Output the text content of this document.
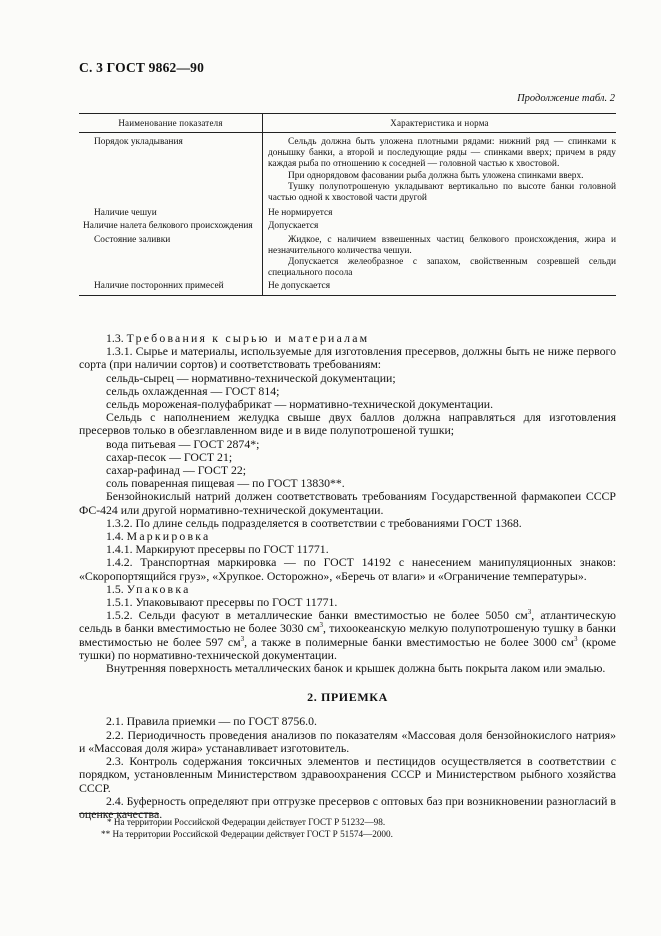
С. 3 ГОСТ 9862—90
Продолжение табл. 2
Наименование показателя	Характеристика и норма
Порядок укладывания	Сельдь должна быть уложена плотными рядами: нижний ряд — спинками к донышку банки, а второй и последующие ряды — спинками вверх; причем в ряду каждая рыба по отношению к соседней — головной частью к хвостовой.

При однорядовом фасовании рыба должна быть уложена спинками вверх.

Тушку полупотрошеную укладывают вертикально по высоте банки головной частью одной к хвостовой части другой

Наличие чешуи	Не нормируется
Наличие налета белкового происхождения	Допускается
Состояние заливки	Жидкое, с наличием взвешенных частиц белкового происхождения, жира и незначительного количества чешуи.

Допускается желеобразное с запахом, свойственным созревшей сельди специального посола

Наличие посторонних примесей	Не допускается

1.3. Требования к сырью и материалам

1.3.1. Сырье и материалы, используемые для изготовления пресервов, должны быть не ниже первого сорта (при наличии сортов) и соответствовать требованиям:

сельдь-сырец — нормативно-технической документации;

сельдь охлажденная — ГОСТ 814;

сельдь мороженая-полуфабрикат — нормативно-технической документации.

Сельдь с наполнением желудка свыше двух баллов должна направляться для изготовления пресервов только в обезглавленном виде и в виде полупотрошеной тушки;

вода питьевая — ГОСТ 2874*;

сахар-песок — ГОСТ 21;

сахар-рафинад — ГОСТ 22;

соль поваренная пищевая — по ГОСТ 13830**.

Бензойнокислый натрий должен соответствовать требованиям Государственной фармакопеи СССР ФС-424 или другой нормативно-технической документации.

1.3.2. По длине сельдь подразделяется в соответствии с требованиями ГОСТ 1368.

1.4. Маркировка

1.4.1. Маркируют пресервы по ГОСТ 11771.

1.4.2. Транспортная маркировка — по ГОСТ 14192 с нанесением манипуляционных знаков: «Скоропортящийся груз», «Хрупкое. Осторожно», «Беречь от влаги» и «Ограничение температуры».

1.5. Упаковка

1.5.1. Упаковывают пресервы по ГОСТ 11771.

1.5.2. Сельди фасуют в металлические банки вместимостью не более 5050 $см^3$, атлантическую сельдь в банки вместимостью не более 3030 $см^3$, тихоокеанскую мелкую полупотрошеную тушку в банки вместимостью не более 597 $см^3$, а также в полимерные банки вместимостью не более 3000 $см^3$ (кроме тушки) по нормативно-технической документации.

Внутренняя поверхность металлических банок и крышек должна быть покрыта лаком или эмалью.

2. ПРИЕМКА

2.1. Правила приемки — по ГОСТ 8756.0.

2.2. Периодичность проведения анализов по показателям «Массовая доля бензойнокислого натрия» и «Массовая доля жира» устанавливает изготовитель.

2.3. Контроль содержания токсичных элементов и пестицидов осуществляется в соответствии с порядком, установленным Министерством здравоохранения СССР и Министерством рыбного хозяйства СССР.

2.4. Буферность определяют при отгрузке пресервов с оптовых баз при возникновении разногласий в оценке качества.

* На территории Российской Федерации действует ГОСТ Р 51232—98.

** На территории Российской Федерации действует ГОСТ Р 51574—2000.
